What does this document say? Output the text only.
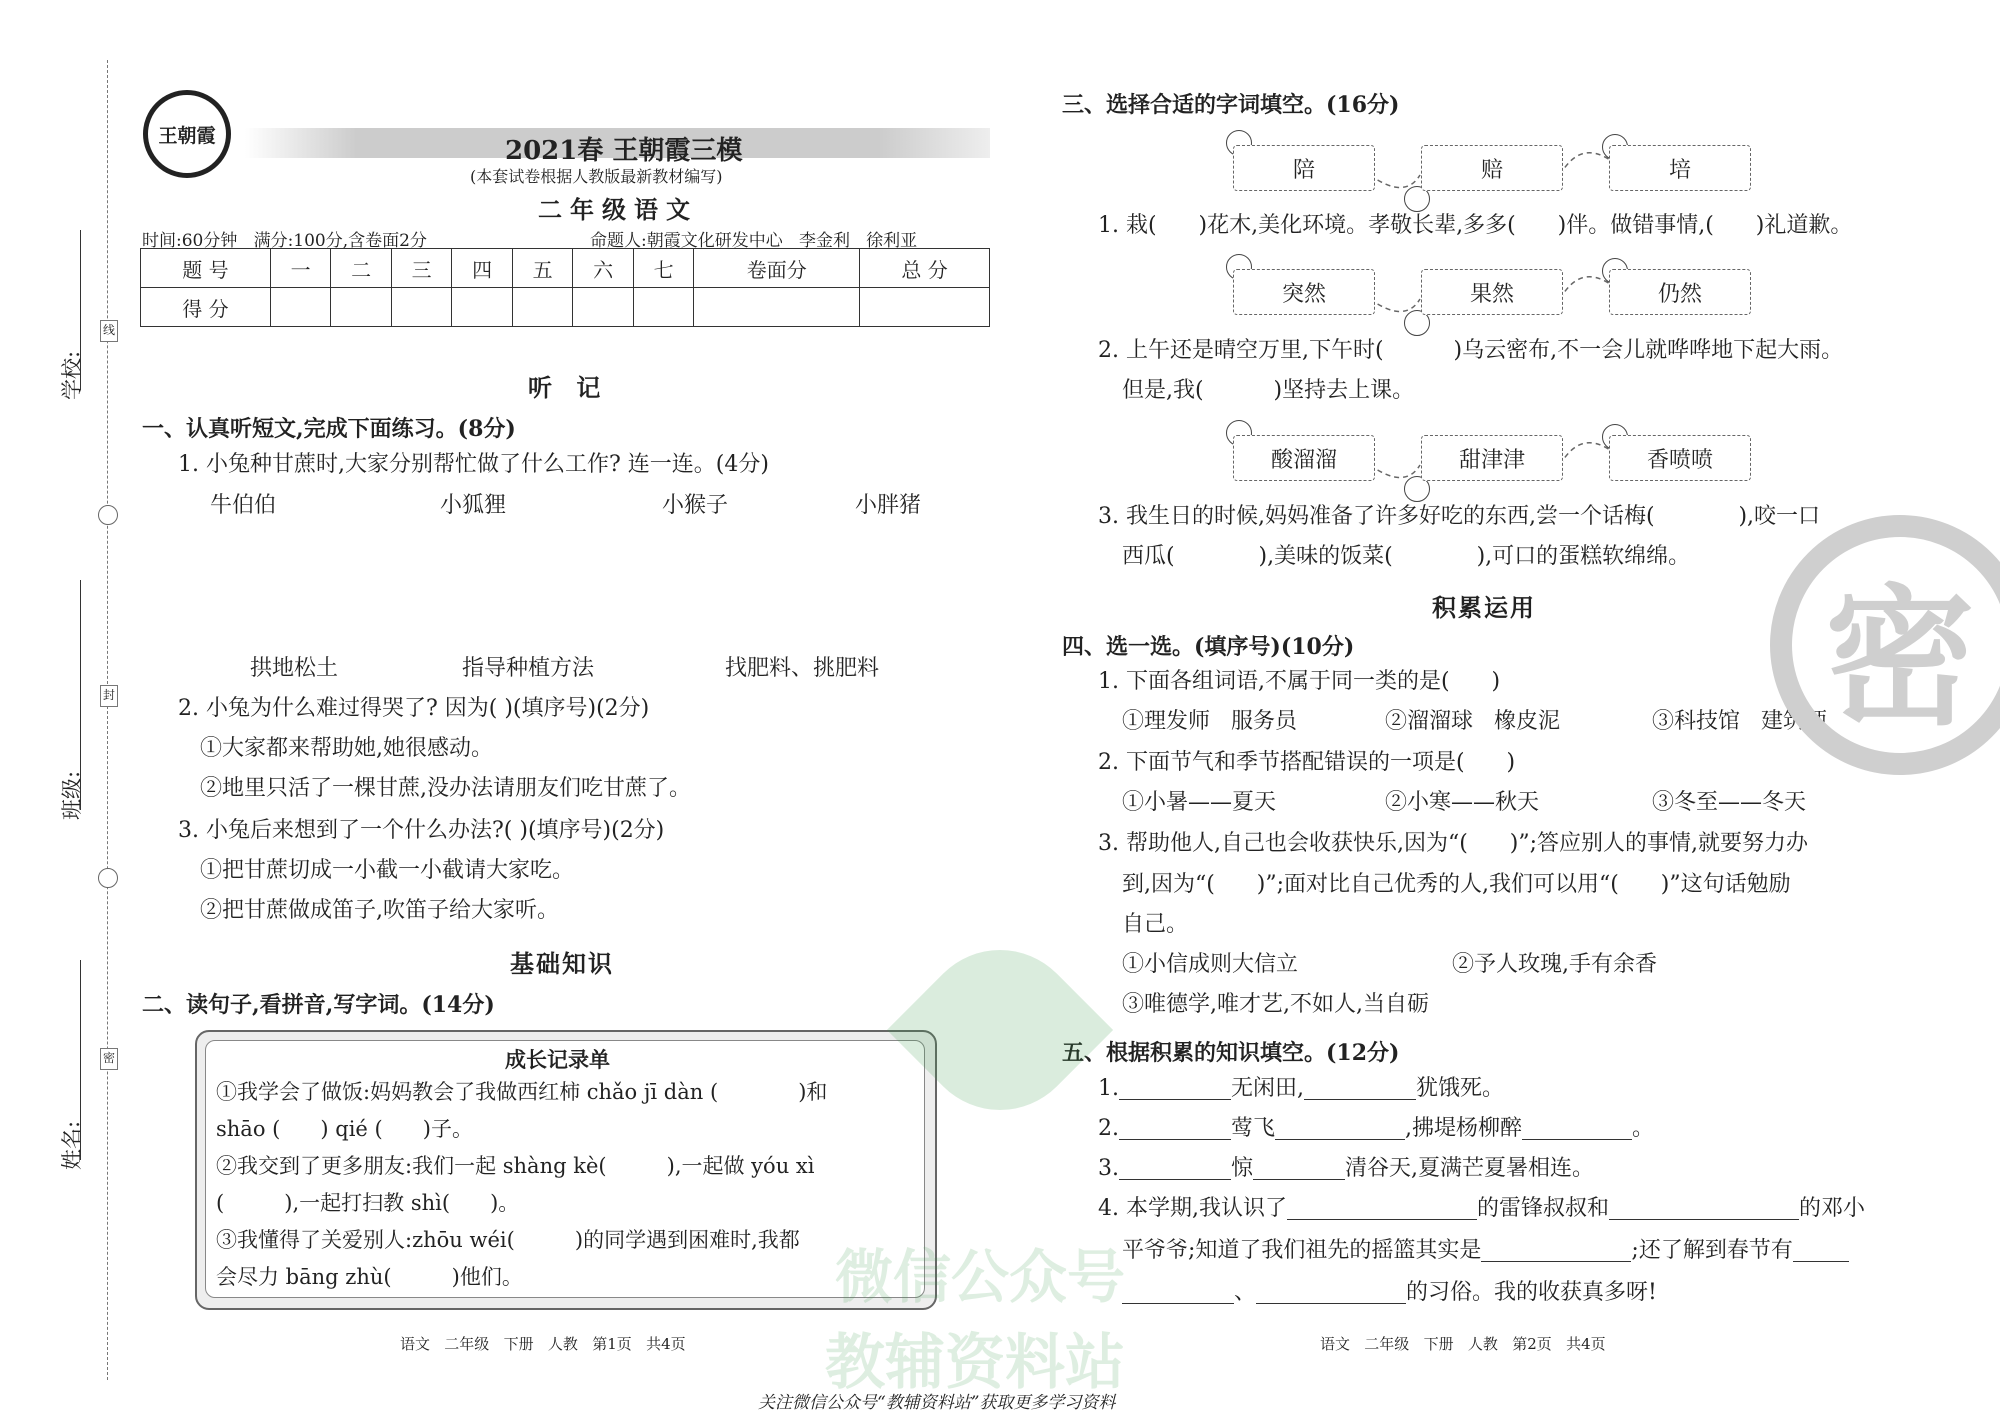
学校:
班级:
姓名:
线
封
密
王朝霞
2021春 王朝霞三模
(本套试卷根据人教版最新教材编写)
二年级语文
时间:60分钟   满分:100分,含卷面2分	命题人:朝霞文化研发中心   李金利   徐利亚
题 号	一	二	三	四	五	六	七	卷面分	总 分
得 分									
听 记
一、认真听短文,完成下面练习。(8分)
1. 小兔种甘蔗时,大家分别帮忙做了什么工作? 连一连。(4分)
牛伯伯	小狐狸	小猴子	小胖猪
拱地松土	指导种植方法	找肥料、挑肥料
2. 小兔为什么难过得哭了? 因为( )(填序号)(2分)
①大家都来帮助她,她很感动。
②地里只活了一棵甘蔗,没办法请朋友们吃甘蔗了。
3. 小兔后来想到了一个什么办法?( )(填序号)(2分)
①把甘蔗切成一小截一小截请大家吃。
②把甘蔗做成笛子,吹笛子给大家听。
基础知识
二、读句子,看拼音,写字词。(14分)
成长记录单
①我学会了做饭:妈妈教会了我做西红柿 chǎo jī dàn (            )和
shāo (      ) qié (      )子。
②我交到了更多朋友:我们一起 shàng kè(         ),一起做 yóu xì
(         ),一起打扫教 shì(      )。
③我懂得了关爱别人:zhōu wéi(         )的同学遇到困难时,我都
会尽力 bāng zhù(         )他们。
语文   二年级   下册   人教   第1页   共4页
三、选择合适的字词填空。(16分)
陪	赔	培
1. 栽(      )花木,美化环境。孝敬长辈,多多(      )伴。做错事情,(      )礼道歉。
突然	果然	仍然
2. 上午还是晴空万里,下午时(          )乌云密布,不一会儿就哗哗地下起大雨。
但是,我(          )坚持去上课。
酸溜溜	甜津津	香喷喷
3. 我生日的时候,妈妈准备了许多好吃的东西,尝一个话梅(            ),咬一口
西瓜(            ),美味的饭菜(            ),可口的蛋糕软绵绵。
积累运用
四、选一选。(填序号)(10分)
1. 下面各组词语,不属于同一类的是(      )
①理发师   服务员	②溜溜球   橡皮泥	③科技馆   建筑师
2. 下面节气和季节搭配错误的一项是(      )
①小暑——夏天	②小寒——秋天	③冬至——冬天
3. 帮助他人,自己也会收获快乐,因为“(      )”;答应别人的事情,就要努力办
到,因为“(      )”;面对比自己优秀的人,我们可以用“(      )”这句话勉励
自己。
①小信成则大信立	②予人玫瑰,手有余香
③唯德学,唯才艺,不如人,当自砺
五、根据积累的知识填空。(12分)
1.	无闲田,	犹饿死。
2.	莺飞	,拂堤杨柳醉	。
3.	惊	清谷天,夏满芒夏暑相连。
4. 本学期,我认识了	的雷锋叔叔和	的邓小
平爷爷;知道了我们祖先的摇篮其实是	;还了解到春节有
、	的习俗。我的收获真多呀!
语文   二年级   下册   人教   第2页   共4页
密
微信公众号
教辅资料站
关注微信公众号“教辅资料站”获取更多学习资料
